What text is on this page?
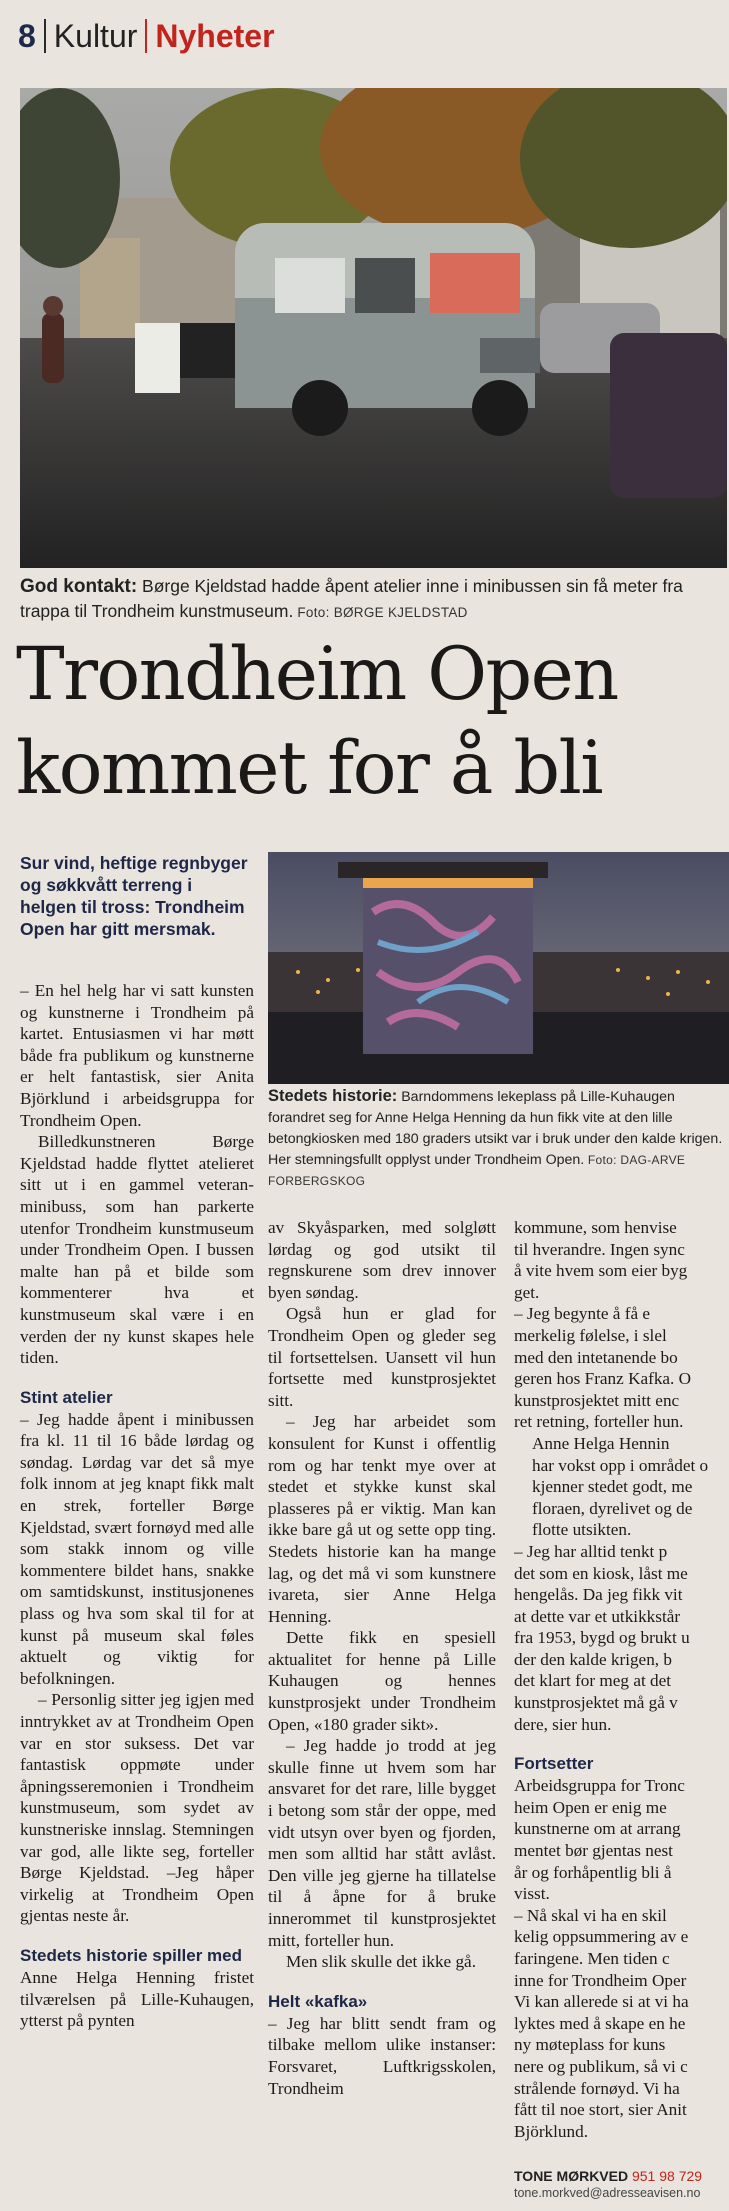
8 Kultur Nyheter
God kontakt: Børge Kjeldstad hadde åpent atelier inne i minibussen sin få meter fra trappa til Trondheim kunstmuseum. Foto: BØRGE KJELDSTAD
Trondheim Open
kommet for å bli
Sur vind, heftige regnbyger og søkkvått terreng i helgen til tross: Trondheim Open har gitt mersmak.
Stedets historie: Barndommens lekeplass på Lille-Kuhaugen forandret seg for Anne Helga Henning da hun fikk vite at den lille betongkiosken med 180 graders utsikt var i bruk under den kalde krigen. Her stemningsfullt opplyst under Trondheim Open. Foto: DAG-ARVE FORBERGSKOG

– En hel helg har vi satt kunsten og kunstnerne i Trondheim på kartet. Entusiasmen vi har møtt både fra publikum og kunstnerne er helt fantastisk, sier Anita Björklund i arbeidsgruppa for Trondheim Open.

Billedkunstneren Børge Kjeldstad hadde flyttet atelieret sitt ut i en gammel veteran-minibuss, som han parkerte utenfor Trondheim kunstmuseum under Trondheim Open. I bussen malte han på et bilde som kommenterer hva et kunstmuseum skal være i en verden der ny kunst skapes hele tiden.

Stint atelier

– Jeg hadde åpent i minibussen fra kl. 11 til 16 både lørdag og søndag. Lørdag var det så mye folk innom at jeg knapt fikk malt en strek, forteller Børge Kjeldstad, svært fornøyd med alle som stakk innom og ville kommentere bildet hans, snakke om samtidskunst, institusjonenes plass og hva som skal til for at kunst på museum skal føles aktuelt og viktig for befolkningen.

– Personlig sitter jeg igjen med inntrykket av at Trondheim Open var en stor suksess. Det var fantastisk oppmøte under åpningsseremonien i Trondheim kunstmuseum, som sydet av kunstneriske innslag. Stemningen var god, alle likte seg, forteller Børge Kjeldstad. –Jeg håper virkelig at Trondheim Open gjentas neste år.

Stedets historie spiller med

Anne Helga Henning fristet tilværelsen på Lille-Kuhaugen, ytterst på pynten

av Skyåsparken, med solgløtt lørdag og god utsikt til regnskurene som drev innover byen søndag.

Også hun er glad for Trondheim Open og gleder seg til fortsettelsen. Uansett vil hun fortsette med kunstprosjektet sitt.

– Jeg har arbeidet som konsulent for Kunst i offentlig rom og har tenkt mye over at stedet et stykke kunst skal plasseres på er viktig. Man kan ikke bare gå ut og sette opp ting. Stedets historie kan ha mange lag, og det må vi som kunstnere ivareta, sier Anne Helga Henning.

Dette fikk en spesiell aktualitet for henne på Lille Kuhaugen og hennes kunstprosjekt under Trondheim Open, «180 grader sikt».

– Jeg hadde jo trodd at jeg skulle finne ut hvem som har ansvaret for det rare, lille bygget i betong som står der oppe, med vidt utsyn over byen og fjorden, men som alltid har stått avlåst. Den ville jeg gjerne ha tillatelse til å åpne for å bruke innerommet til kunstprosjektet mitt, forteller hun.

Men slik skulle det ikke gå.

Helt «kafka»

– Jeg har blitt sendt fram og tilbake mellom ulike instanser: Forsvaret, Luftkrigsskolen, Trondheim

kommune, som henvise
til hverandre. Ingen sync
å vite hvem som eier byg
get.

– Jeg begynte å få e
merkelig følelse, i slel
med den intetanende bo
geren hos Franz Kafka. O
kunstprosjektet mitt enc
ret retning, forteller hun.

Anne Helga Hennin
har vokst opp i området o
kjenner stedet godt, me
floraen, dyrelivet og de
flotte utsikten.

– Jeg har alltid tenkt p
det som en kiosk, låst me
hengelås. Da jeg fikk vit
at dette var et utkikkstår
fra 1953, bygd og brukt u
der den kalde krigen, b
det klart for meg at det
kunstprosjektet må gå v
dere, sier hun.

Fortsetter

Arbeidsgruppa for Tronc
heim Open er enig me
kunstnerne om at arrang
mentet bør gjentas nest
år og forhåpentlig bli å
visst.

– Nå skal vi ha en skil
kelig oppsummering av e
faringene. Men tiden c
inne for Trondheim Oper
Vi kan allerede si at vi ha
lyktes med å skape en he
ny møteplass for kuns
nere og publikum, så vi c
strålende fornøyd. Vi ha
fått til noe stort, sier Anit
Björklund.

TONE MØRKVED 951 98 729
tone.morkved@adresseavisen.no
